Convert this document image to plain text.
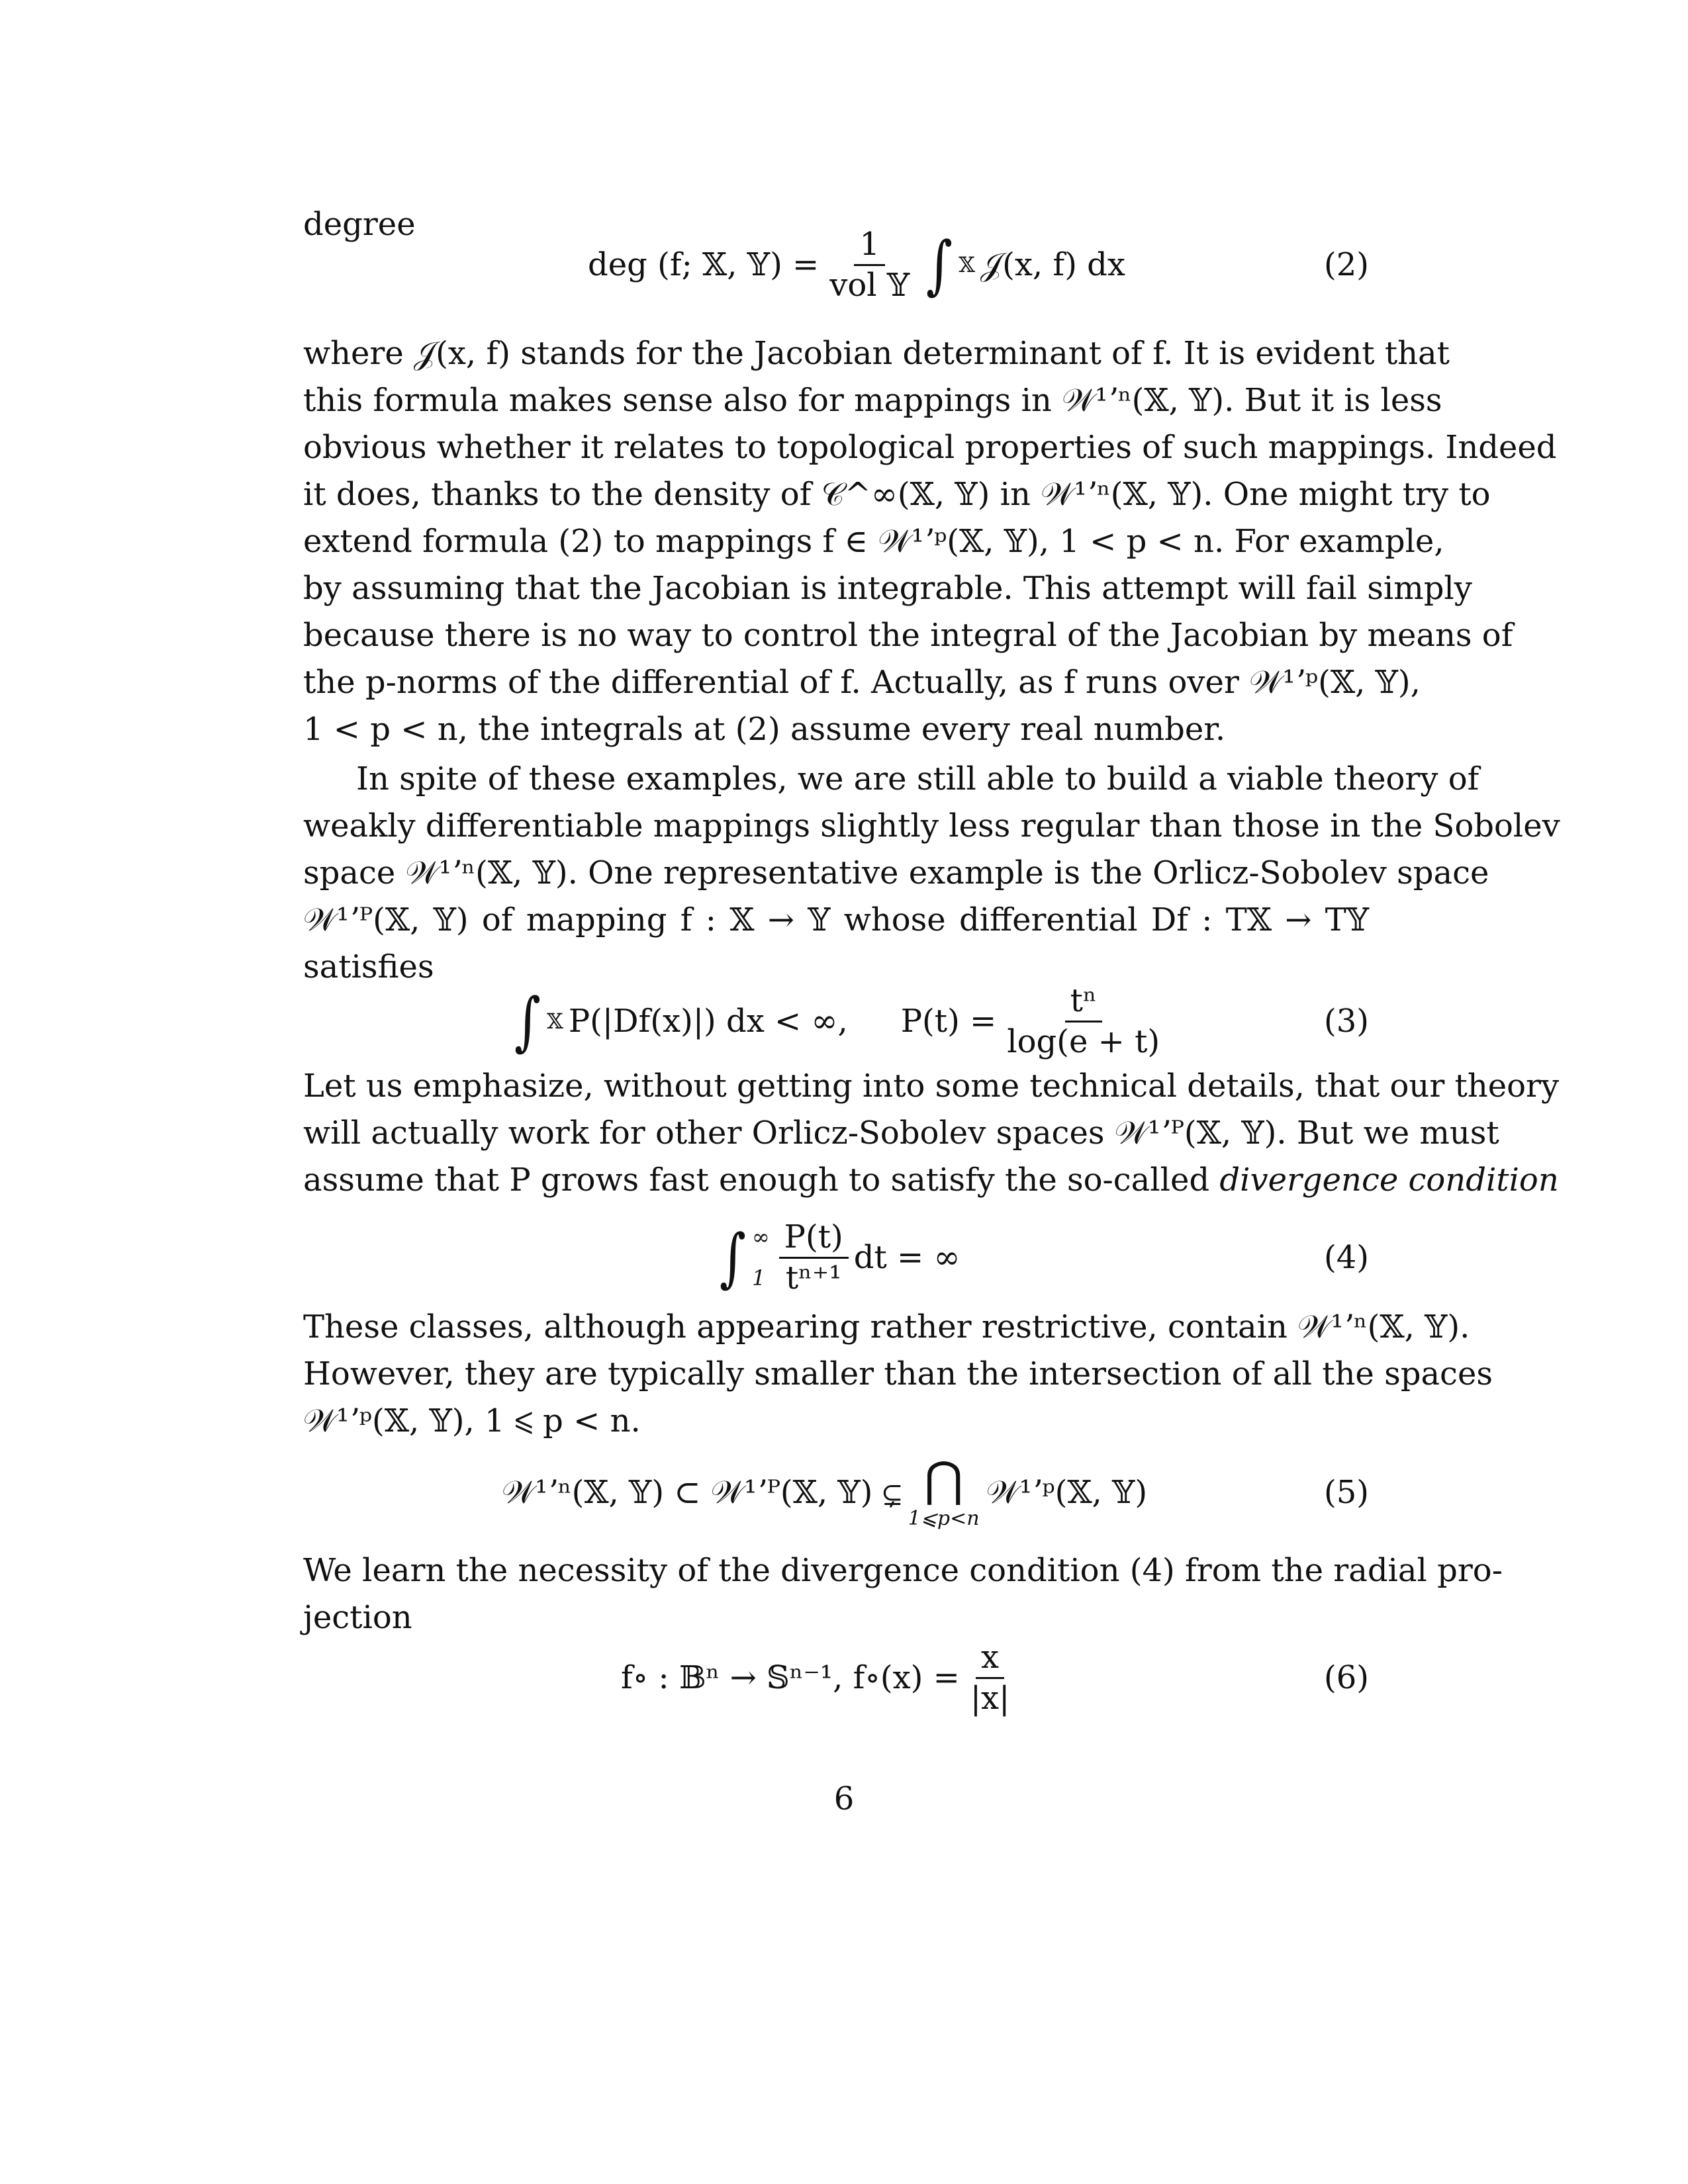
degree
deg (f; 𝕏, 𝕐) = $\frac{1}{\text{vol 𝕐}}$ ∫ 𝕏 𝒥(x, f) dx	(2)
where 𝒥(x, f) stands for the Jacobian determinant of f. It is evident that
this formula makes sense also for mappings in 𝒲¹ʼⁿ(𝕏, 𝕐). But it is less
obvious whether it relates to topological properties of such mappings. Indeed
it does, thanks to the density of 𝒞^∞(𝕏, 𝕐) in 𝒲¹ʼⁿ(𝕏, 𝕐). One might try to
extend formula (2) to mappings f ∈ 𝒲¹ʼᵖ(𝕏, 𝕐), 1 < p < n. For example,
by assuming that the Jacobian is integrable. This attempt will fail simply
because there is no way to control the integral of the Jacobian by means of
the p-norms of the differential of f. Actually, as f runs over 𝒲¹ʼᵖ(𝕏, 𝕐),
1 < p < n, the integrals at (2) assume every real number.
In spite of these examples, we are still able to build a viable theory of
weakly differentiable mappings slightly less regular than those in the Sobolev
space 𝒲¹ʼⁿ(𝕏, 𝕐). One representative example is the Orlicz-Sobolev space
𝒲¹ʼᴾ(𝕏, 𝕐) of mapping f : 𝕏 → 𝕐 whose differential Df : T𝕏 → T𝕐
satisfies
∫ 𝕏 P(|Df(x)|) dx < ∞, $P(t) = \frac{\text{tⁿ}}{\log(e + t)}$	(3)
Let us emphasize, without getting into some technical details, that our theory
will actually work for other Orlicz-Sobolev spaces 𝒲¹ʼᴾ(𝕏, 𝕐). But we must
assume that P grows fast enough to satisfy the so-called divergence condition
∫ ∞
$1 \frac{P(t)}{\text{tⁿ⁺¹}}$ dt = ∞	(4)
These classes, although appearing rather restrictive, contain 𝒲¹ʼⁿ(𝕏, 𝕐).
However, they are typically smaller than the intersection of all the spaces
𝒲¹ʼᵖ(𝕏, 𝕐), 1 ⩽ p < n.
𝒲¹ʼⁿ(𝕏, 𝕐) ⊂ 𝒲¹ʼᴾ(𝕏, 𝕐) ⊊ ⋂
1⩽p<n
𝒲¹ʼᵖ(𝕏, 𝕐)	(5)
We learn the necessity of the divergence condition (4) from the radial pro-
jection
f∘ : 𝔹ⁿ → 𝕊ⁿ⁻¹, f∘(x) = $\frac{x}{|x|}$	(6)
6
